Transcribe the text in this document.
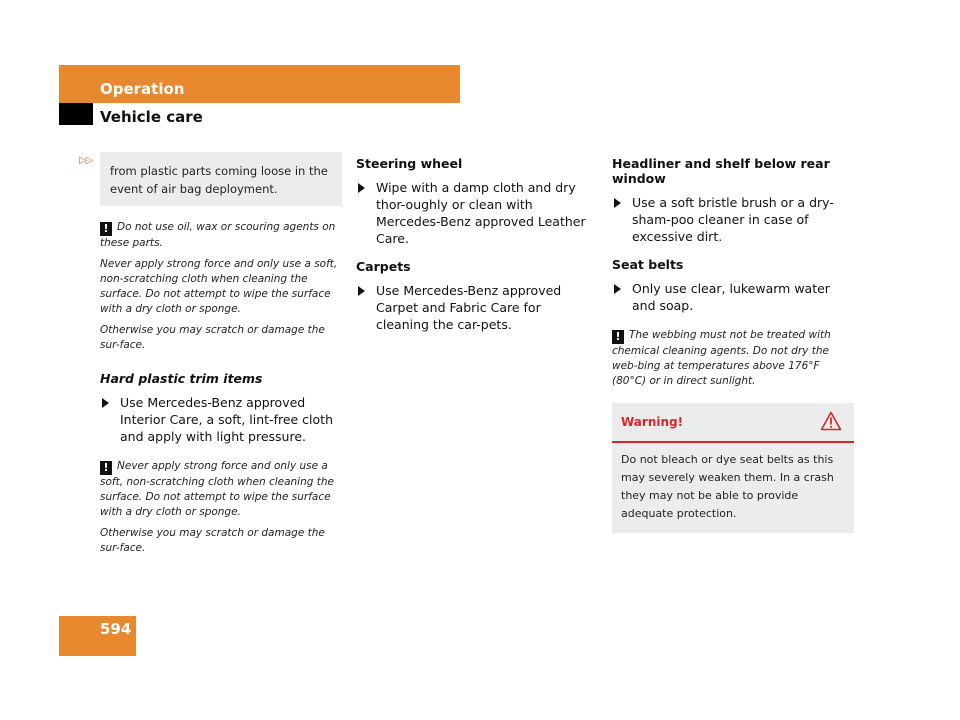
Operation
Vehicle care
▷▷
from plastic parts coming loose in the event of air bag deployment.

! Do not use oil, wax or scouring agents on these parts.

Never apply strong force and only use a soft, non-scratching cloth when cleaning the surface. Do not attempt to wipe the surface with a dry cloth or sponge.

Otherwise you may scratch or damage the sur-face.

Hard plastic trim items
Use Mercedes-Benz approved Interior Care, a soft, lint-free cloth and apply with light pressure.

! Never apply strong force and only use a soft, non-scratching cloth when cleaning the surface. Do not attempt to wipe the surface with a dry cloth or sponge.

Otherwise you may scratch or damage the sur-face.

Steering wheel
Wipe with a damp cloth and dry thor-oughly or clean with Mercedes-Benz approved Leather Care.
Carpets
Use Mercedes-Benz approved Carpet and Fabric Care for cleaning the car-pets.
Headliner and shelf below rear window
Use a soft bristle brush or a dry-sham-poo cleaner in case of excessive dirt.
Seat belts
Only use clear, lukewarm water and soap.

! The webbing must not be treated with chemical cleaning agents. Do not dry the web-bing at temperatures above 176°F (80°C) or in direct sunlight.

Warning!
Do not bleach or dye seat belts as this may severely weaken them. In a crash they may not be able to provide adequate protection.
594
